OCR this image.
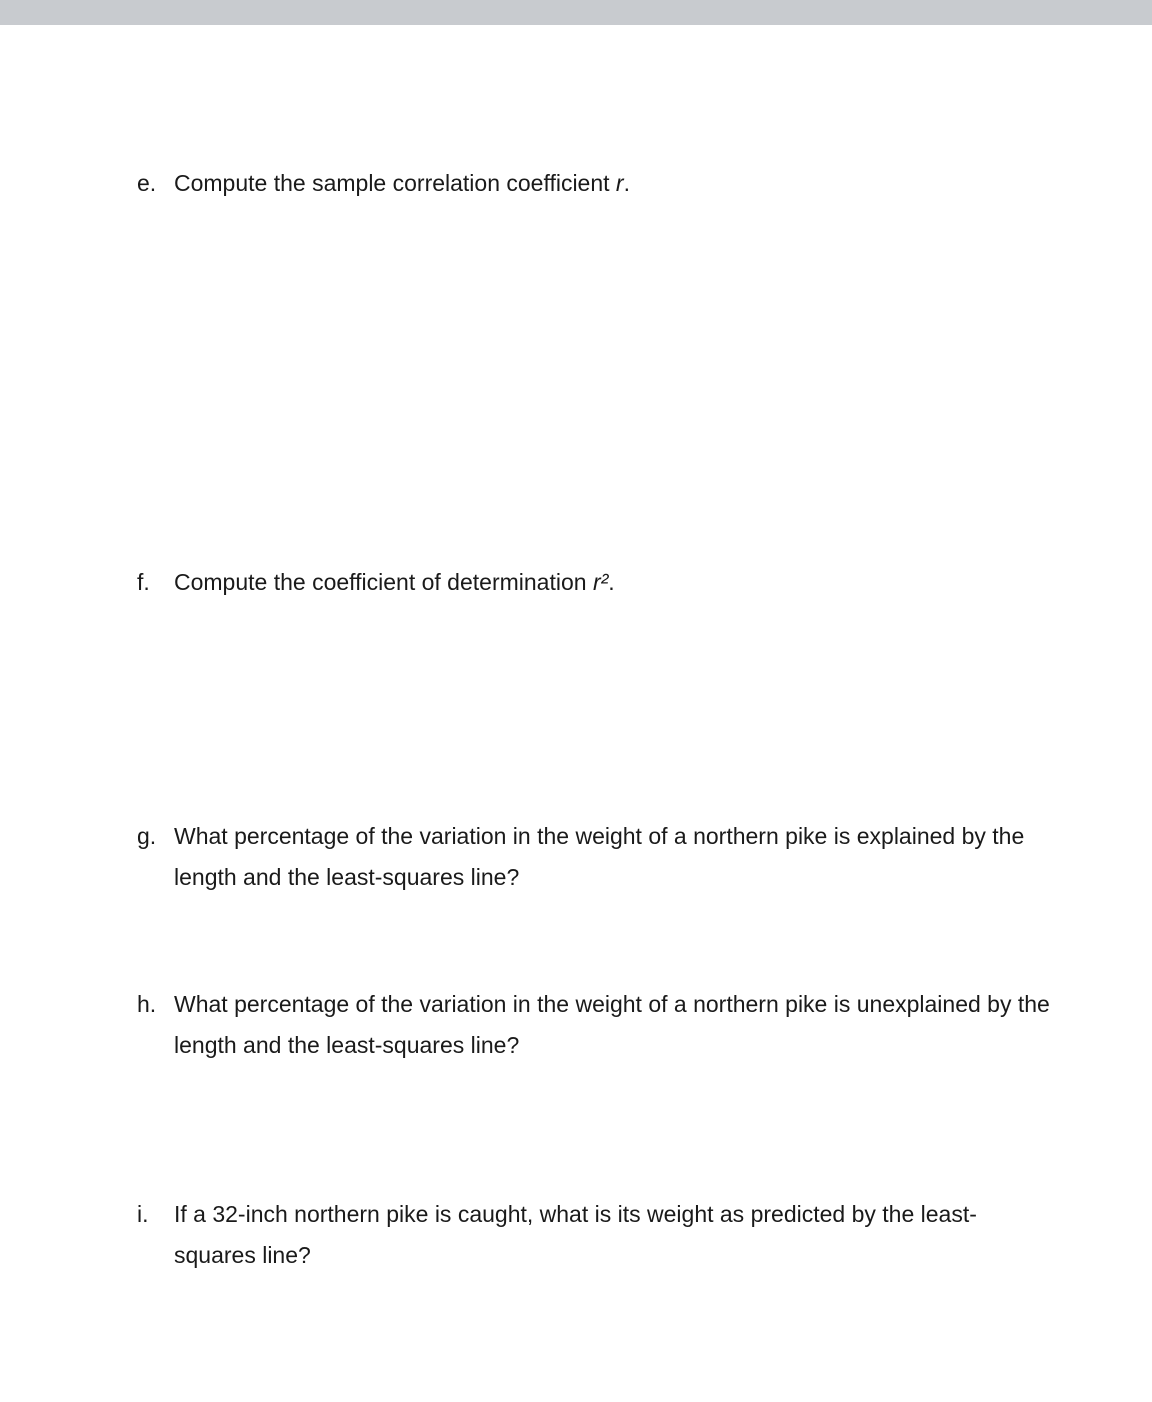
e. Compute the sample correlation coefficient r.
f.	Compute the coefficient of determination r².
g. What percentage of the variation in the weight of a northern pike is explained by the length and the least-squares line?
h. What percentage of the variation in the weight of a northern pike is unexplained by the length and the least-squares line?
i.	If a 32-inch northern pike is caught, what is its weight as predicted by the least-squares line?
